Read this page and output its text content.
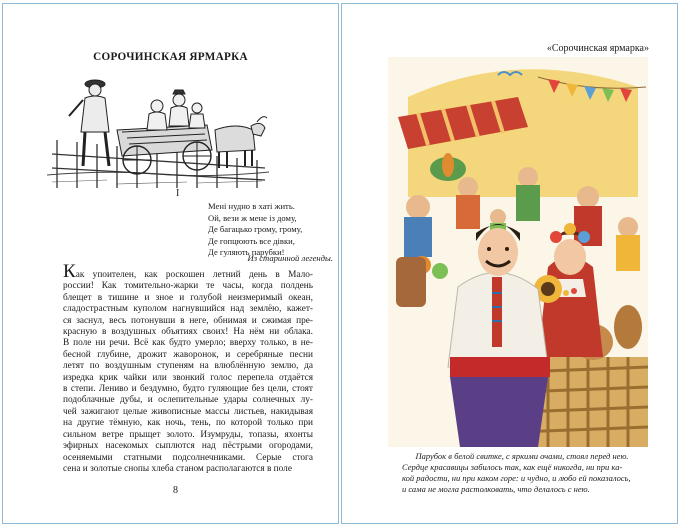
СОРОЧИНСКАЯ ЯРМАРКА
I
Мені нудно в хаті жить.
Ой, вези ж мене із дому,
Де багацько грому, грому,
Де гопцюють все дівки,
Де гуляють парубки!
Из старинной легенды.
Как упоителен, как роскошен летний день в Мало-
россии! Как томительно-жарки те часы, когда полдень
блещет в тишине и зное и голубой неизмеримый океан,
сладострастным куполом нагнувшийся над землёю, кажет-
ся заснул, весь потонувши в неге, обнимая и сжимая пре-
красную в воздушных объятиях своих! На нём ни облака.
В поле ни речи. Всё как будто умерло; вверху только, в не-
бесной глубине, дрожит жаворонок, и серебряные песни
летят по воздушным ступеням на влюблённую землю, да
изредка крик чайки или звонкий голос перепела отдаётся
в степи. Лениво и бездумно, будто гуляющие без цели, стоят
подоблачные дубы, и ослепительные удары солнечных лу-
чей зажигают целые живописные массы листьев, накидывая
на другие тёмную, как ночь, тень, по которой только при
сильном ветре прыщет золото. Изумруды, топазы, яхонты
эфирных насекомых сыплются над пёстрыми огородами,
осеняемыми статными подсолнечниками. Серые стога
сена и золотые снопы хлеба станом располагаются в поле
8
«Сорочинская ярмарка»
Парубок в белой свитке, с яркими очами, стоял перед нею.
Сердце красавицы забилось так, как ещё никогда, ни при ка-
кой радости, ни при каком горе: и чудно, и любо ей показалось,
и сама не могла растолковать, что делалось с нею.
